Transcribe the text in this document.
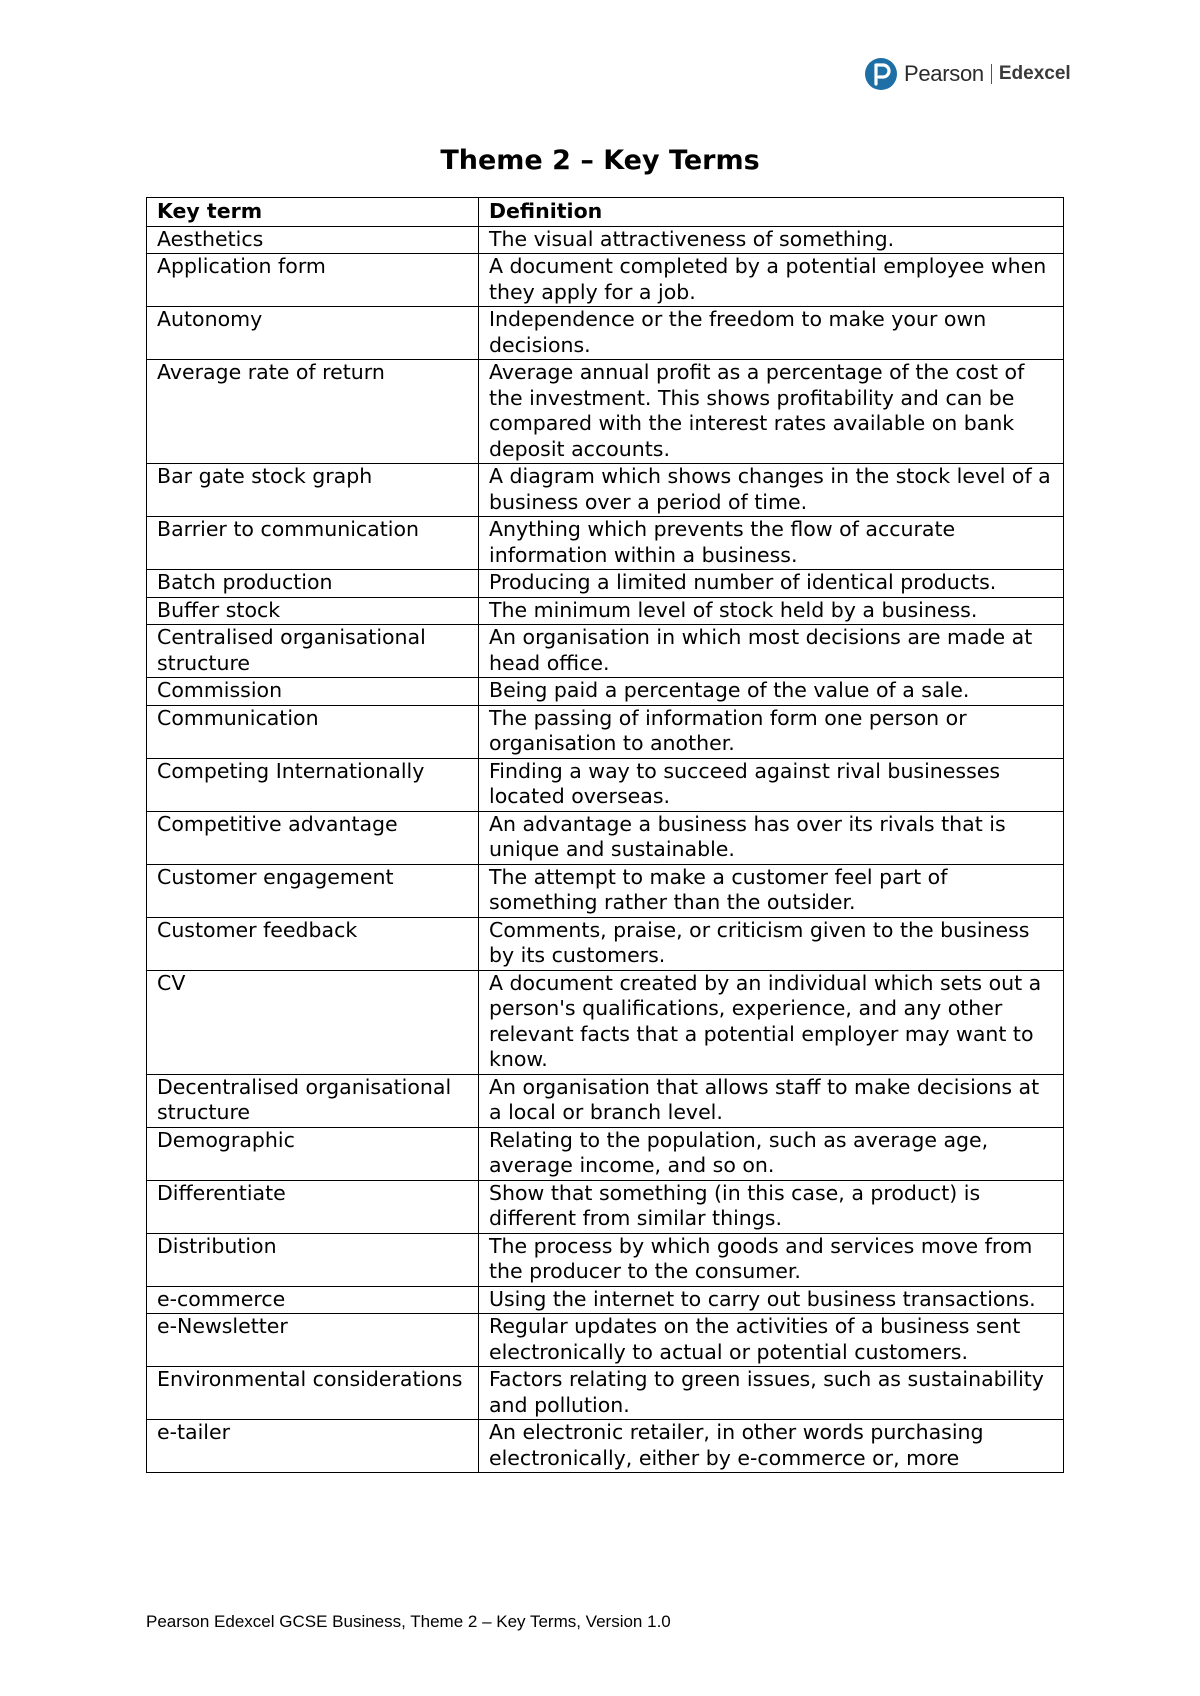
Pearson Edexcel
Theme 2 – Key Terms
Key term	Definition
Aesthetics	The visual attractiveness of something.
Application form	A document completed by a potential employee when they apply for a job.
Autonomy	Independence or the freedom to make your own decisions.
Average rate of return	Average annual profit as a percentage of the cost of the investment. This shows profitability and can be compared with the interest rates available on bank deposit accounts.
Bar gate stock graph	A diagram which shows changes in the stock level of a business over a period of time.
Barrier to communication	Anything which prevents the flow of accurate information within a business.
Batch production	Producing a limited number of identical products.
Buffer stock	The minimum level of stock held by a business.
Centralised organisational structure	An organisation in which most decisions are made at head office.
Commission	Being paid a percentage of the value of a sale.
Communication	The passing of information form one person or organisation to another.
Competing Internationally	Finding a way to succeed against rival businesses located overseas.
Competitive advantage	An advantage a business has over its rivals that is unique and sustainable.
Customer engagement	The attempt to make a customer feel part of something rather than the outsider.
Customer feedback	Comments, praise, or criticism given to the business by its customers.
CV	A document created by an individual which sets out a person's qualifications, experience, and any other relevant facts that a potential employer may want to know.
Decentralised organisational structure	An organisation that allows staff to make decisions at a local or branch level.
Demographic	Relating to the population, such as average age, average income, and so on.
Differentiate	Show that something (in this case, a product) is different from similar things.
Distribution	The process by which goods and services move from the producer to the consumer.
e-commerce	Using the internet to carry out business transactions.
e-Newsletter	Regular updates on the activities of a business sent electronically to actual or potential customers.
Environmental considerations	Factors relating to green issues, such as sustainability and pollution.
e-tailer	An electronic retailer, in other words purchasing electronically, either by e-commerce or, more
Pearson Edexcel GCSE Business, Theme 2 – Key Terms, Version 1.0
